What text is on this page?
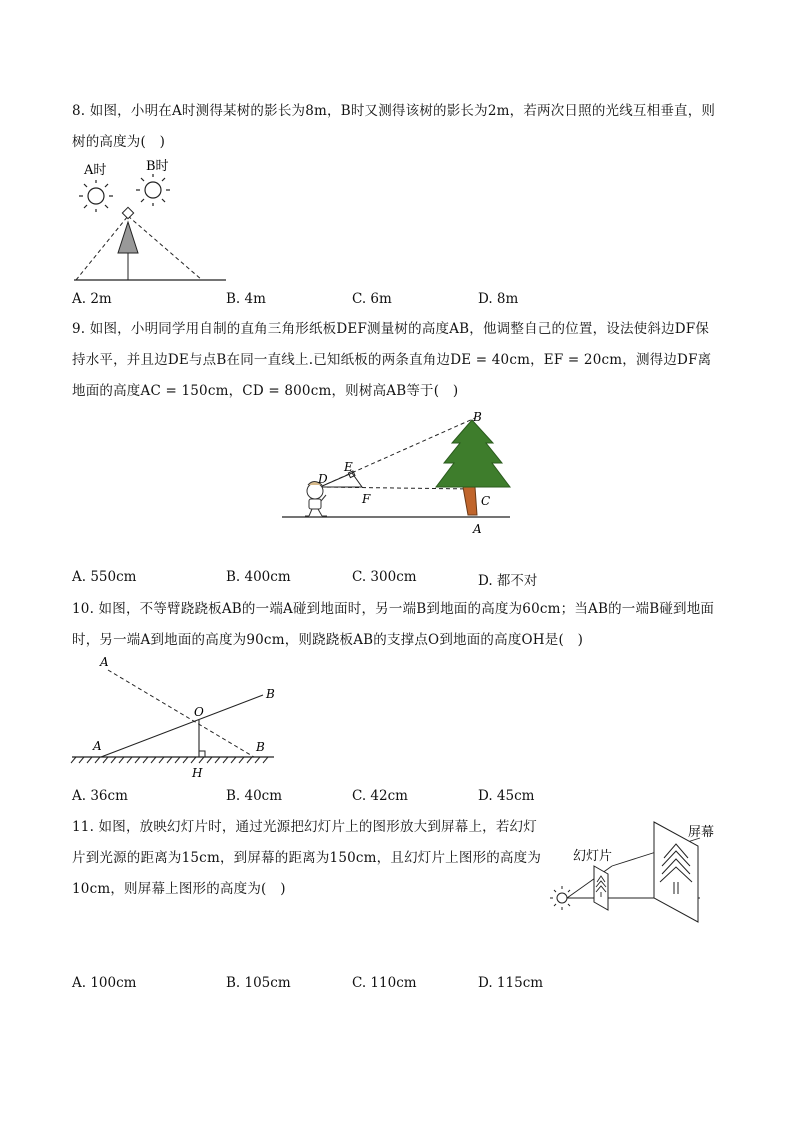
8. 如图，小明在A时测得某树的影长为8m，B时又测得该树的影长为2m，若两次日照的光线互相垂直，则树的高度为(　)
A时	B时
A. 2m	B. 4m	C. 6m	D. 8m
9. 如图，小明同学用自制的直角三角形纸板DEF测量树的高度AB，他调整自己的位置，设法使斜边DF保持水平，并且边DE与点B在同一直线上.已知纸板的两条直角边DE = 40cm，EF = 20cm，测得边DF离地面的高度AC = 150cm，CD = 800cm，则树高AB等于(　)
B
D
E
F	C
A
A. 550cm	B. 400cm	C. 300cm	D. 都不对
10. 如图，不等臂跷跷板AB的一端A碰到地面时，另一端B到地面的高度为60cm；当AB的一端B碰到地面时，另一端A到地面的高度为90cm，则跷跷板AB的支撑点O到地面的高度OH是(　)
A
B
O
A	B
H
A. 36cm	B. 40cm	C. 42cm	D. 45cm
11. 如图，放映幻灯片时，通过光源把幻灯片上的图形放大到屏幕上，若幻灯片到光源的距离为15cm，到屏幕的距离为150cm，且幻灯片上图形的高度为10cm，则屏幕上图形的高度为(　)
幻灯片
屏幕
A. 100cm	B. 105cm	C. 110cm	D. 115cm
